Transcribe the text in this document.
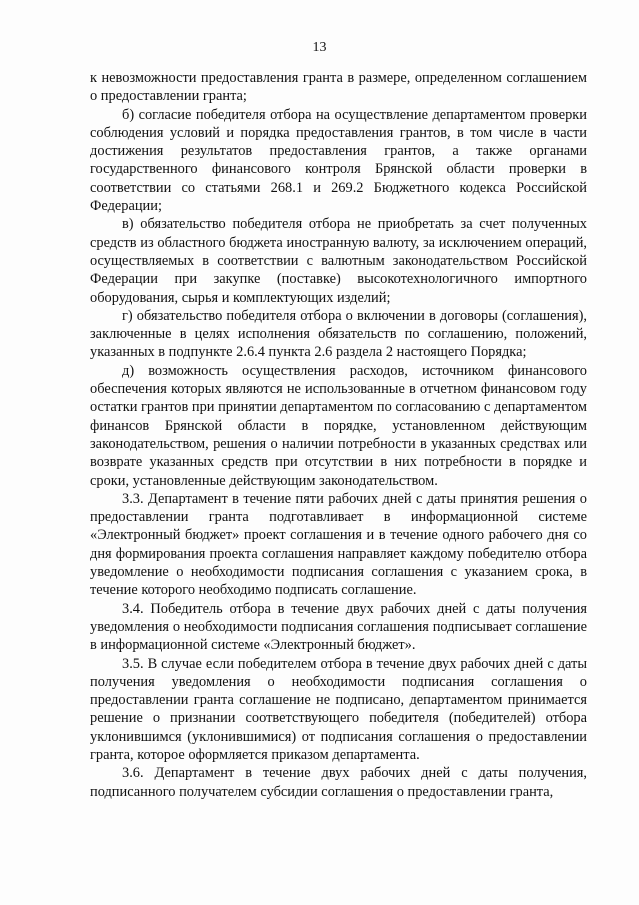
13

к невозможности предоставления гранта в размере, определенном соглашением о предоставлении гранта;

б) согласие победителя отбора на осуществление департаментом проверки соблюдения условий и порядка предоставления грантов, в том числе в части достижения результатов предоставления грантов, а также органами государственного финансового контроля Брянской области проверки в соответствии со статьями 268.1 и 269.2 Бюджетного кодекса Российской Федерации;

в) обязательство победителя отбора не приобретать за счет полученных средств из областного бюджета иностранную валюту, за исключением операций, осуществляемых в соответствии с валютным законодательством Российской Федерации при закупке (поставке) высокотехнологичного импортного оборудования, сырья и комплектующих изделий;

г) обязательство победителя отбора о включении в договоры (соглашения), заключенные в целях исполнения обязательств по соглашению, положений, указанных в подпункте 2.6.4 пункта 2.6 раздела 2 настоящего Порядка;

д) возможность осуществления расходов, источником финансового обеспечения которых являются не использованные в отчетном финансовом году остатки грантов при принятии департаментом по согласованию с департаментом финансов Брянской области в порядке, установленном действующим законодательством, решения о наличии потребности в указанных средствах или возврате указанных средств при отсутствии в них потребности в порядке и сроки, установленные действующим законодательством.

3.3. Департамент в течение пяти рабочих дней с даты принятия решения о предоставлении гранта подготавливает в информационной системе «Электронный бюджет» проект соглашения и в течение одного рабочего дня со дня формирования проекта соглашения направляет каждому победителю отбора уведомление о необходимости подписания соглашения с указанием срока, в течение которого необходимо подписать соглашение.

3.4. Победитель отбора в течение двух рабочих дней с даты получения уведомления о необходимости подписания соглашения подписывает соглашение в информационной системе «Электронный бюджет».

3.5. В случае если победителем отбора в течение двух рабочих дней с даты получения уведомления о необходимости подписания соглашения о предоставлении гранта соглашение не подписано, департаментом принимается решение о признании соответствующего победителя (победителей) отбора уклонившимся (уклонившимися) от подписания соглашения о предоставлении гранта, которое оформляется приказом департамента.

3.6. Департамент в течение двух рабочих дней с даты получения, подписанного получателем субсидии соглашения о предоставлении гранта,
